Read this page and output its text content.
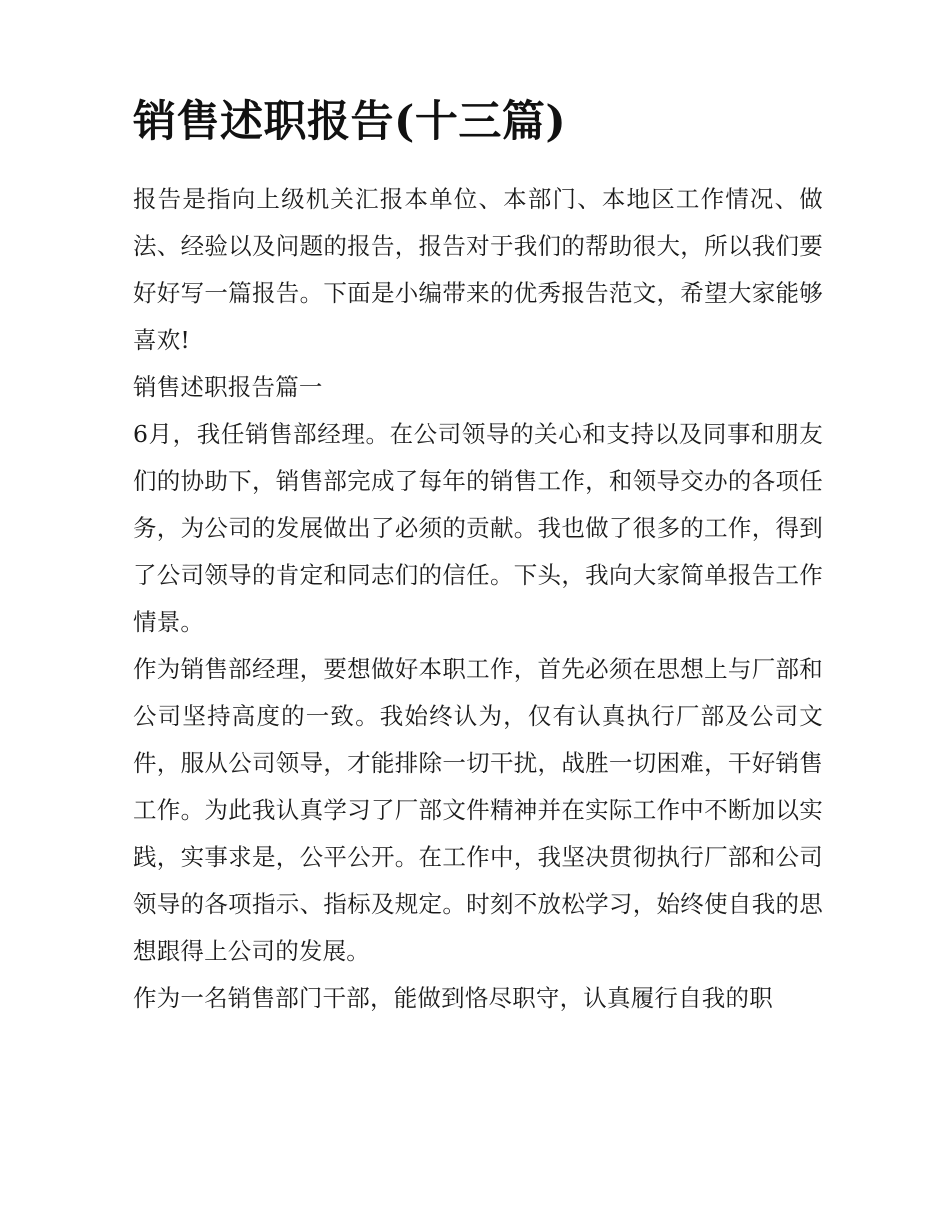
销售述职报告(十三篇)

报告是指向上级机关汇报本单位、本部门、本地区工作情况、做法、经验以及问题的报告，报告对于我们的帮助很大，所以我们要好好写一篇报告。下面是小编带来的优秀报告范文，希望大家能够喜欢!

销售述职报告篇一

6月，我任销售部经理。在公司领导的关心和支持以及同事和朋友们的协助下，销售部完成了每年的销售工作，和领导交办的各项任务，为公司的发展做出了必须的贡献。我也做了很多的工作，得到了公司领导的肯定和同志们的信任。下头，我向大家简单报告工作情景。

作为销售部经理，要想做好本职工作，首先必须在思想上与厂部和公司坚持高度的一致。我始终认为，仅有认真执行厂部及公司文件，服从公司领导，才能排除一切干扰，战胜一切困难，干好销售工作。为此我认真学习了厂部文件精神并在实际工作中不断加以实践，实事求是，公平公开。在工作中，我坚决贯彻执行厂部和公司领导的各项指示、指标及规定。时刻不放松学习，始终使自我的思想跟得上公司的发展。

作为一名销售部门干部，能做到恪尽职守，认真履行自我的职
